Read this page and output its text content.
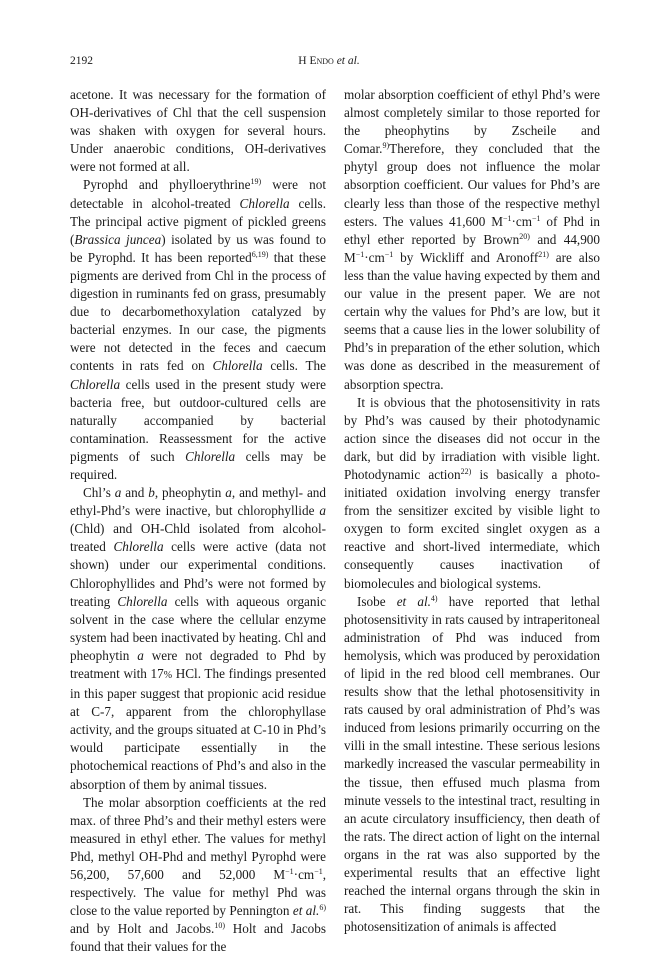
2192	H Endo et al.

acetone. It was necessary for the formation of OH-derivatives of Chl that the cell suspension was shaken with oxygen for several hours. Under anaerobic conditions, OH-derivatives were not formed at all.

Pyrophd and phylloerythrine$^{19)}$ were not detectable in alcohol-treated Chlorella cells. The principal active pigment of pickled greens (Brassica juncea) isolated by us was found to be Pyrophd. It has been reported$^{6,19)}$ that these pigments are derived from Chl in the process of digestion in ruminants fed on grass, presumably due to decarbomethoxylation catalyzed by bacterial enzymes. In our case, the pigments were not detected in the feces and caecum contents in rats fed on Chlorella cells. The Chlorella cells used in the present study were bacteria free, but outdoor-cultured cells are naturally accompanied by bacterial contamination. Reassessment for the active pigments of such Chlorella cells may be required.

Chl’s a and b, pheophytin a, and methyl- and ethyl-Phd’s were inactive, but chlorophyllide a (Chld) and OH-Chld isolated from alcohol-treated Chlorella cells were active (data not shown) under our experimental conditions. Chlorophyllides and Phd’s were not formed by treating Chlorella cells with aqueous organic solvent in the case where the cellular enzyme system had been inactivated by heating. Chl and pheophytin a were not degraded to Phd by treatment with 17% HCl. The findings presented in this paper suggest that propionic acid residue at C-7, apparent from the chlorophyllase activity, and the groups situated at C-10 in Phd’s would participate essentially in the photochemical reactions of Phd’s and also in the absorption of them by animal tissues.

The molar absorption coefficients at the red max. of three Phd’s and their methyl esters were measured in ethyl ether. The values for methyl Phd, methyl OH-Phd and methyl Pyrophd were 56,200, 57,600 and 52,000 $M^{-1}\cdot cm^{-1}$, respectively. The value for methyl Phd was close to the value reported by Pennington et al.$^{6)}$ and by Holt and Jacobs.$^{10)}$ Holt and Jacobs found that their values for the

molar absorption coefficient of ethyl Phd’s were almost completely similar to those reported for the pheophytins by Zscheile and Comar.$^{9)}$Therefore, they concluded that the phytyl group does not influence the molar absorption coefficient. Our values for Phd’s are clearly less than those of the respective methyl esters. The values 41,600 $M^{-1}\cdot cm^{-1}$ of Phd in ethyl ether reported by Brown$^{20)}$ and 44,900 $M^{-1}\cdot cm^{-1}$ by Wickliff and Aronoff$^{21)}$ are also less than the value having expected by them and our value in the present paper. We are not certain why the values for Phd’s are low, but it seems that a cause lies in the lower solubility of Phd’s in preparation of the ether solution, which was done as described in the measurement of absorption spectra.

It is obvious that the photosensitivity in rats by Phd’s was caused by their photodynamic action since the diseases did not occur in the dark, but did by irradiation with visible light. Photodynamic action$^{22)}$ is basically a photo-initiated oxidation involving energy transfer from the sensitizer excited by visible light to oxygen to form excited singlet oxygen as a reactive and short-lived intermediate, which consequently causes inactivation of biomolecules and biological systems.

Isobe et al.$^{4)}$ have reported that lethal photosensitivity in rats caused by intraperitoneal administration of Phd was induced from hemolysis, which was produced by peroxidation of lipid in the red blood cell membranes. Our results show that the lethal photosensitivity in rats caused by oral administration of Phd’s was induced from lesions primarily occurring on the villi in the small intestine. These serious lesions markedly increased the vascular permeability in the tissue, then effused much plasma from minute vessels to the intestinal tract, resulting in an acute circulatory insufficiency, then death of the rats. The direct action of light on the internal organs in the rat was also supported by the experimental results that an effective light reached the internal organs through the skin in rat. This finding suggests that the photosensitization of animals is affected
